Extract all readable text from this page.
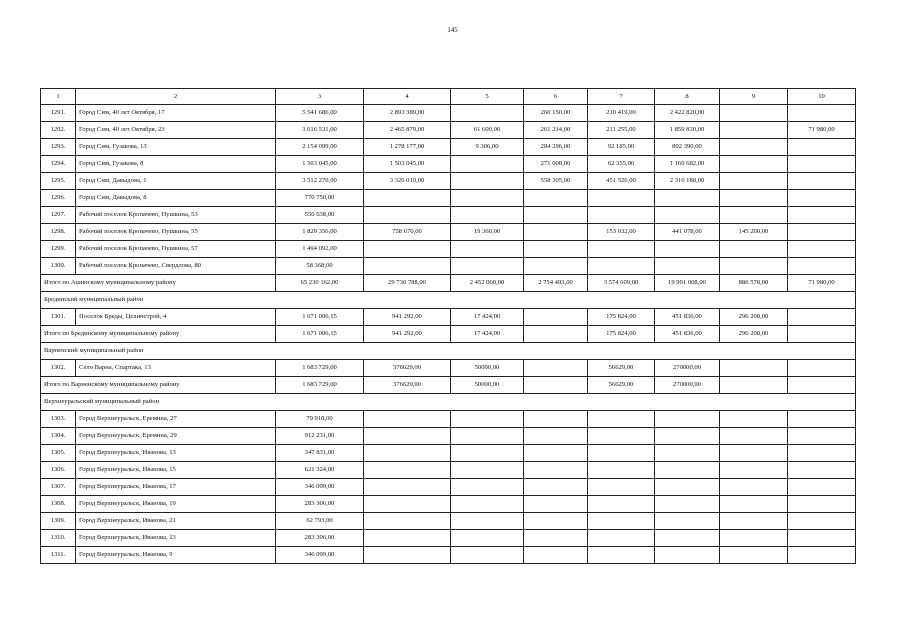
145
1	2	3	4	5	6	7	8	9	10
1291.	Город Сим, 40 лет Октября, 17	5 541 686,00	2 893 389,00		260 150,00	210 419,00	2 422 820,00		
1292.	Город Сим, 40 лет Октября, 23	3 016 531,00	2 465 879,00	61 600,00	261 214,00	211 255,00	1 859 830,00		71 980,00
1293.	Город Сим, Гузакова, 13	2 154 099,00	1 278 177,00	9 306,00	284 296,00	92 185,00	892 390,00		
1294.	Город Сим, Гузакова, 8	1 503 045,00	1 503 045,00		271 008,00	62 355,00	1 169 682,00		
1295.	Город Сим, Давыдова, 1	3 512 270,00	3 326 019,00		558 305,00	451 526,00	2 316 188,00		
1296.	Город Сим, Давыдова, 8	770 750,00							
1297.	Рабочий поселок Кропачево, Пушкина, 53	550 638,00							
1298.	Рабочий поселок Кропачево, Пушкина, 55	1 829 356,00	758 670,00	19 360,00		153 032,00	441 078,00	145 200,00	
1299.	Рабочий поселок Кропачево, Пушкина, 57	1 494 092,00							
1300.	Рабочий поселок Кропачево, Свердлова, 80	58 368,00							
Итого по Ашинскому муниципальному району		65 230 162,00	29 730 788,00	2 452 060,00	2 754 493,00	3 574 609,00	19 991 068,00	886 578,00	71 980,00
Брединский муниципальный район									
1301.	Поселок Бреды, Целинстрой, 4	1 671 006,15	941 292,00	17 424,00		175 824,00	451 836,00	296 208,00	
Итого по Брединскому муниципальному району		1 671 006,15	941 292,00	17 424,00		175 824,00	451 836,00	296 208,00	
Варненский муниципальный район									
1302.	Село Варна, Спартака, 13	1 683 729,00	376629,00	50000,00		56629,00	270000,00		
Итого по Варненскому муниципальному району		1 683 729,00	376629,00	50000,00		56629,00	270000,00		
Верхнеуральский муниципальный район									
1303.	Город Верхнеуральск, Еремина, 27	79 918,00							
1304.	Город Верхнеуральск, Еремина, 29	912 231,00							
1305.	Город Верхнеуральск, Иванова, 13	347 831,00							
1306.	Город Верхнеуральск, Иванова, 15	621 324,00							
1307.	Город Верхнеуральск, Иванова, 17	346 099,00							
1308.	Город Верхнеуральск, Иванова, 19	283 306,00							
1309.	Город Верхнеуральск, Иванова, 21	62 793,00							
1310.	Город Верхнеуральск, Иванова, 23	283 306,00							
1311.	Город Верхнеуральск, Иванова, 9	346 099,00							
